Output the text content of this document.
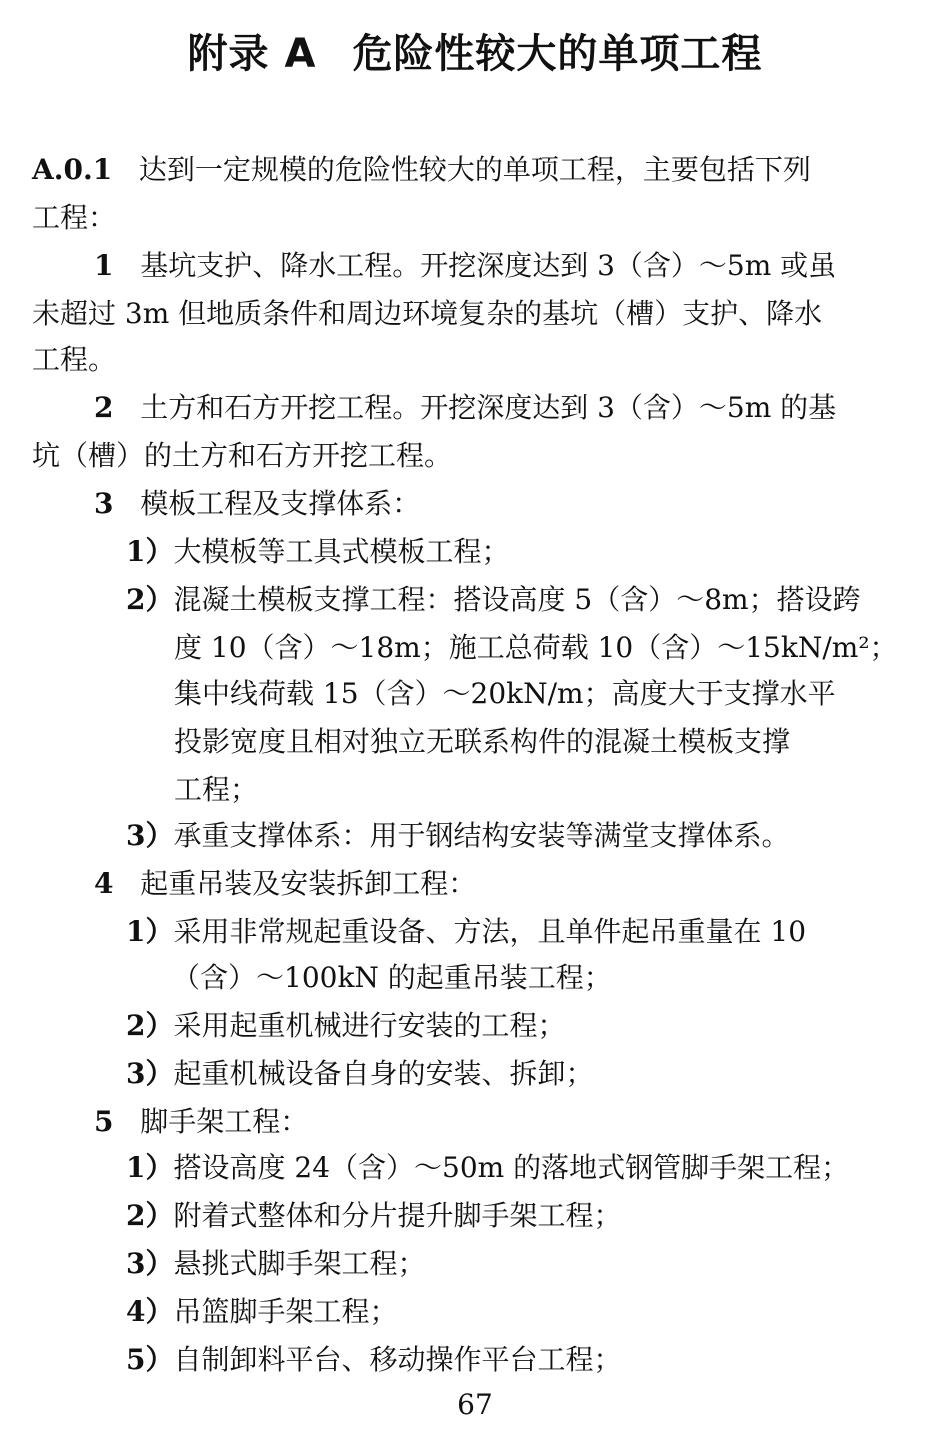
附录 A 危险性较大的单项工程
A.0.1 达到一定规模的危险性较大的单项工程，主要包括下列
工程：
1 基坑支护、降水工程。开挖深度达到 3（含）～5m 或虽
未超过 3m 但地质条件和周边环境复杂的基坑（槽）支护、降水
工程。
2 土方和石方开挖工程。开挖深度达到 3（含）～5m 的基
坑（槽）的土方和石方开挖工程。
3 模板工程及支撑体系：
1）大模板等工具式模板工程；
2）混凝土模板支撑工程：搭设高度 5（含）～8m；搭设跨
度 10（含）～18m；施工总荷载 10（含）～15kN/m²；
集中线荷载 15（含）～20kN/m；高度大于支撑水平
投影宽度且相对独立无联系构件的混凝土模板支撑
工程；
3）承重支撑体系：用于钢结构安装等满堂支撑体系。
4 起重吊装及安装拆卸工程：
1）采用非常规起重设备、方法，且单件起吊重量在 10
（含）～100kN 的起重吊装工程；
2）采用起重机械进行安装的工程；
3）起重机械设备自身的安装、拆卸；
5 脚手架工程：
1）搭设高度 24（含）～50m 的落地式钢管脚手架工程；
2）附着式整体和分片提升脚手架工程；
3）悬挑式脚手架工程；
4）吊篮脚手架工程；
5）自制卸料平台、移动操作平台工程；
67
